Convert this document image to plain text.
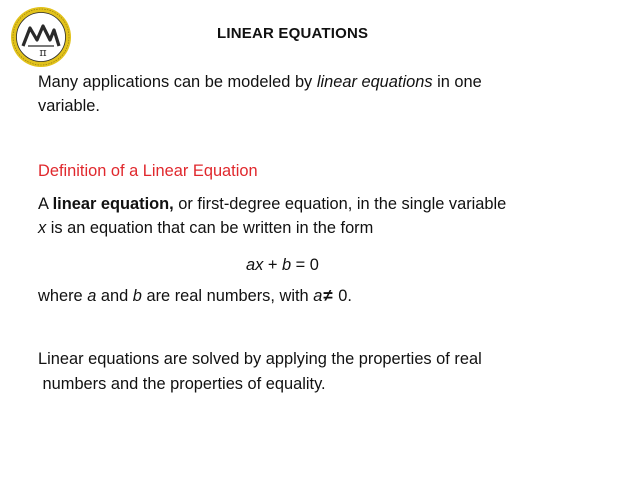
π
LINEAR EQUATIONS
Many applications can be modeled by linear equations in one
variable.
Definition of a Linear Equation
A linear equation, or first-degree equation, in the single variable
x is an equation that can be written in the form
ax + b = 0
where a and b are real numbers, with a≠ 0.
Linear equations are solved by applying the properties of real
numbers and the properties of equality.
